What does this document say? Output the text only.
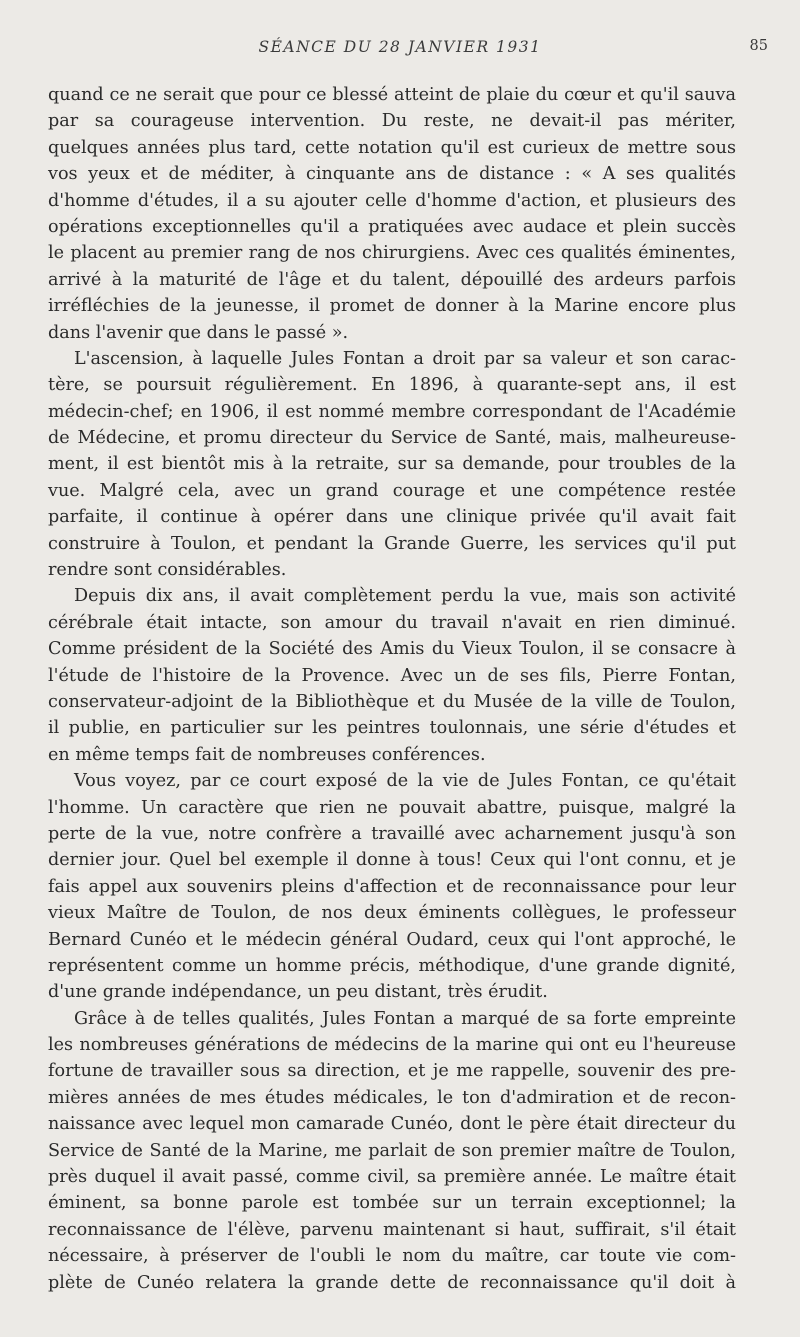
SÉANCE DU 28 JANVIER 1931	85
quand ce ne serait que pour ce blessé atteint de plaie du cœur et qu'il sauva
par sa courageuse intervention. Du reste, ne devait-il pas mériter,
quelques années plus tard, cette notation qu'il est curieux de mettre sous
vos yeux et de méditer, à cinquante ans de distance : « A ses qualités
d'homme d'études, il a su ajouter celle d'homme d'action, et plusieurs des
opérations exceptionnelles qu'il a pratiquées avec audace et plein succès
le placent au premier rang de nos chirurgiens. Avec ces qualités éminentes,
arrivé à la maturité de l'âge et du talent, dépouillé des ardeurs parfois
irréfléchies de la jeunesse, il promet de donner à la Marine encore plus
dans l'avenir que dans le passé ».
L'ascension, à laquelle Jules Fontan a droit par sa valeur et son carac-
tère, se poursuit régulièrement. En 1896, à quarante-sept ans, il est
médecin-chef; en 1906, il est nommé membre correspondant de l'Académie
de Médecine, et promu directeur du Service de Santé, mais, malheureuse-
ment, il est bientôt mis à la retraite, sur sa demande, pour troubles de la
vue. Malgré cela, avec un grand courage et une compétence restée
parfaite, il continue à opérer dans une clinique privée qu'il avait fait
construire à Toulon, et pendant la Grande Guerre, les services qu'il put
rendre sont considérables.
Depuis dix ans, il avait complètement perdu la vue, mais son activité
cérébrale était intacte, son amour du travail n'avait en rien diminué.
Comme président de la Société des Amis du Vieux Toulon, il se consacre à
l'étude de l'histoire de la Provence. Avec un de ses fils, Pierre Fontan,
conservateur-adjoint de la Bibliothèque et du Musée de la ville de Toulon,
il publie, en particulier sur les peintres toulonnais, une série d'études et
en même temps fait de nombreuses conférences.
Vous voyez, par ce court exposé de la vie de Jules Fontan, ce qu'était
l'homme. Un caractère que rien ne pouvait abattre, puisque, malgré la
perte de la vue, notre confrère a travaillé avec acharnement jusqu'à son
dernier jour. Quel bel exemple il donne à tous! Ceux qui l'ont connu, et je
fais appel aux souvenirs pleins d'affection et de reconnaissance pour leur
vieux Maître de Toulon, de nos deux éminents collègues, le professeur
Bernard Cunéo et le médecin général Oudard, ceux qui l'ont approché, le
représentent comme un homme précis, méthodique, d'une grande dignité,
d'une grande indépendance, un peu distant, très érudit.
Grâce à de telles qualités, Jules Fontan a marqué de sa forte empreinte
les nombreuses générations de médecins de la marine qui ont eu l'heureuse
fortune de travailler sous sa direction, et je me rappelle, souvenir des pre-
mières années de mes études médicales, le ton d'admiration et de recon-
naissance avec lequel mon camarade Cunéo, dont le père était directeur du
Service de Santé de la Marine, me parlait de son premier maître de Toulon,
près duquel il avait passé, comme civil, sa première année. Le maître était
éminent, sa bonne parole est tombée sur un terrain exceptionnel; la
reconnaissance de l'élève, parvenu maintenant si haut, suffirait, s'il était
nécessaire, à préserver de l'oubli le nom du maître, car toute vie com-
plète de Cunéo relatera la grande dette de reconnaissance qu'il doit à
